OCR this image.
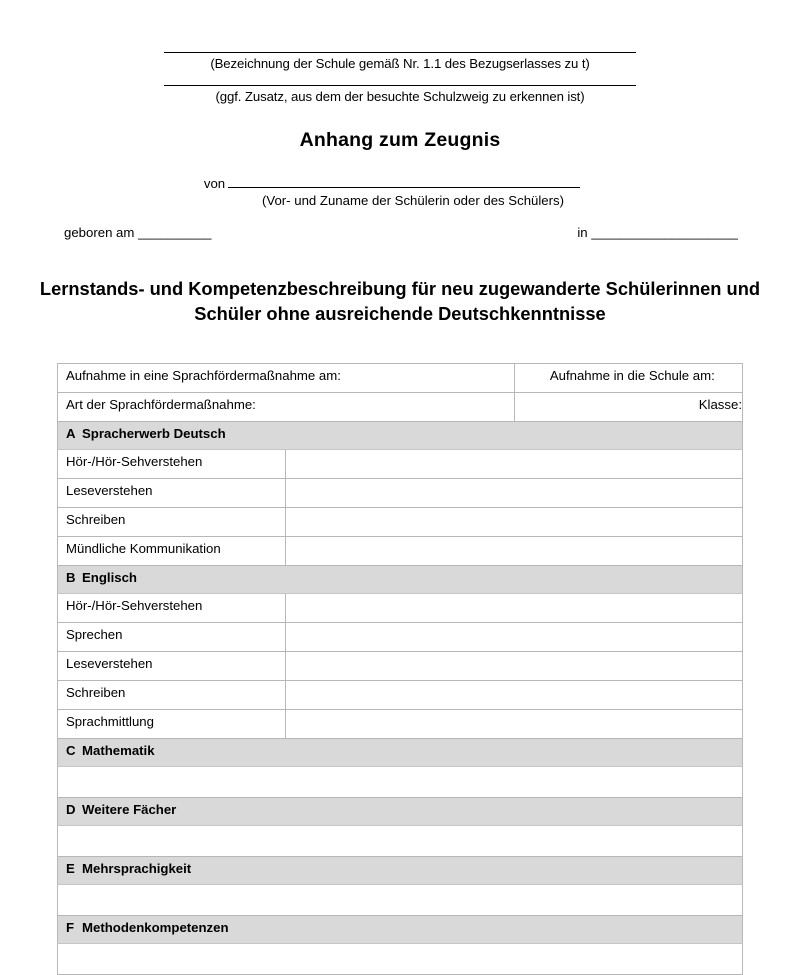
(Bezeichnung der Schule gemäß Nr. 1.1 des Bezugserlasses zu t)
(ggf. Zusatz, aus dem der besuchte Schulzweig zu erkennen ist)
Anhang zum Zeugnis
von
(Vor- und Zuname der Schülerin oder des Schülers)
geboren am __________	in ____________________
Lernstands- und Kompetenzbeschreibung für neu zugewanderte Schülerinnen und Schüler ohne ausreichende Deutschkenntnisse
Aufnahme in eine Sprachfördermaßnahme am:		Aufnahme in die Schule am:
Art der Sprachfördermaßnahme:		Klasse:
A Spracherwerb Deutsch		
Hör-/Hör-Sehverstehen		
Leseverstehen		
Schreiben		
Mündliche Kommunikation		
B Englisch		
Hör-/Hör-Sehverstehen		
Sprechen		
Leseverstehen		
Schreiben		
Sprachmittlung		
C Mathematik		

D Weitere Fächer		

E Mehrsprachigkeit		

F Methodenkompetenzen		
